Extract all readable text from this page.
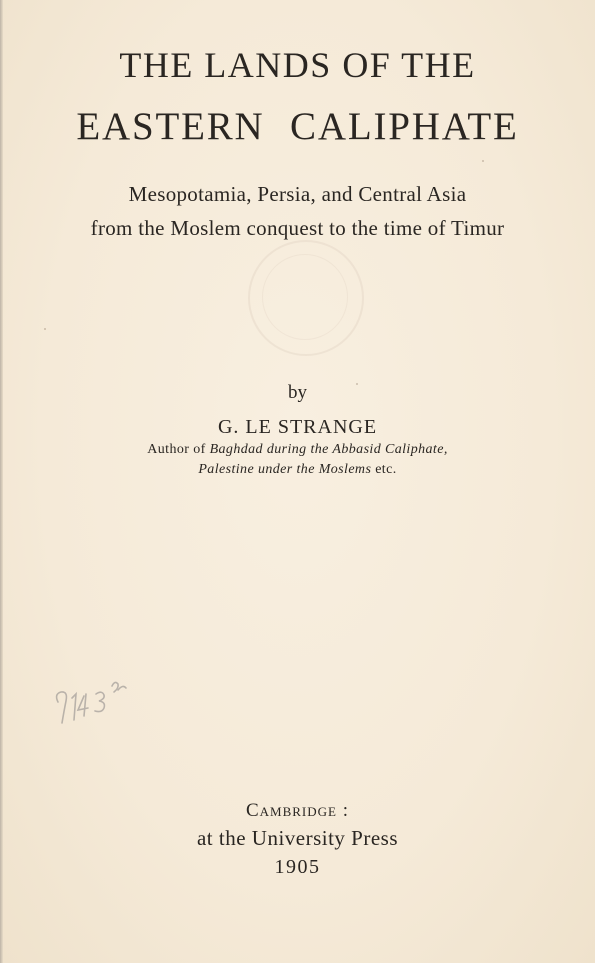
THE LANDS OF THE
EASTERN CALIPHATE
Mesopotamia, Persia, and Central Asia
from the Moslem conquest to the time of Timur
by
G. LE STRANGE
Author of Baghdad during the Abbasid Caliphate,
Palestine under the Moslems etc.
Cambridge :
at the University Press
1905
